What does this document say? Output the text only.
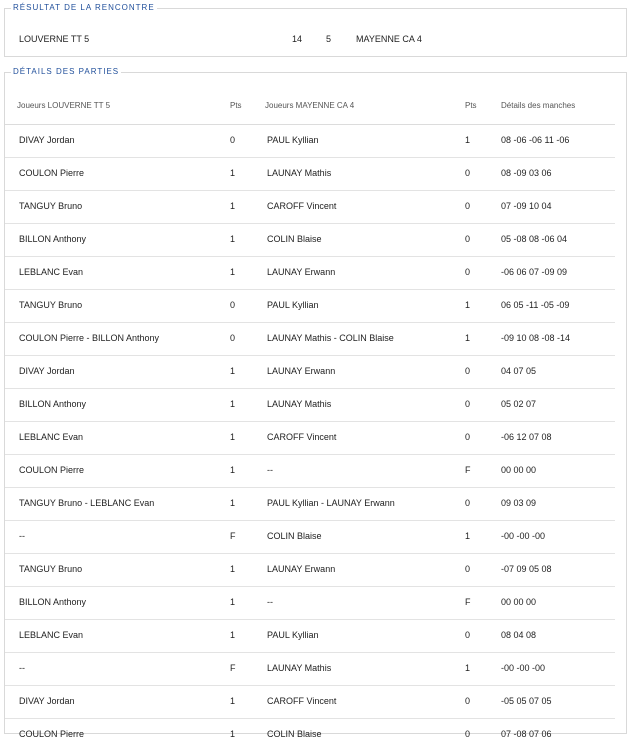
RÉSULTAT DE LA RENCONTRE
LOUVERNE TT 5	14	5	MAYENNE CA 4
DÉTAILS DES PARTIES
Joueurs LOUVERNE TT 5	Pts	Joueurs MAYENNE CA 4	Pts	Détails des manches
DIVAY Jordan	0	PAUL Kyllian	1	08 -06 -06 11 -06
COULON Pierre	1	LAUNAY Mathis	0	08 -09 03 06
TANGUY Bruno	1	CAROFF Vincent	0	07 -09 10 04
BILLON Anthony	1	COLIN Blaise	0	05 -08 08 -06 04
LEBLANC Evan	1	LAUNAY Erwann	0	-06 06 07 -09 09
TANGUY Bruno	0	PAUL Kyllian	1	06 05 -11 -05 -09
COULON Pierre - BILLON Anthony	0	LAUNAY Mathis - COLIN Blaise	1	-09 10 08 -08 -14
DIVAY Jordan	1	LAUNAY Erwann	0	04 07 05
BILLON Anthony	1	LAUNAY Mathis	0	05 02 07
LEBLANC Evan	1	CAROFF Vincent	0	-06 12 07 08
COULON Pierre	1	--	F	00 00 00
TANGUY Bruno - LEBLANC Evan	1	PAUL Kyllian - LAUNAY Erwann	0	09 03 09
--	F	COLIN Blaise	1	-00 -00 -00
TANGUY Bruno	1	LAUNAY Erwann	0	-07 09 05 08
BILLON Anthony	1	--	F	00 00 00
LEBLANC Evan	1	PAUL Kyllian	0	08 04 08
--	F	LAUNAY Mathis	1	-00 -00 -00
DIVAY Jordan	1	CAROFF Vincent	0	-05 05 07 05
COULON Pierre	1	COLIN Blaise	0	07 -08 07 06
